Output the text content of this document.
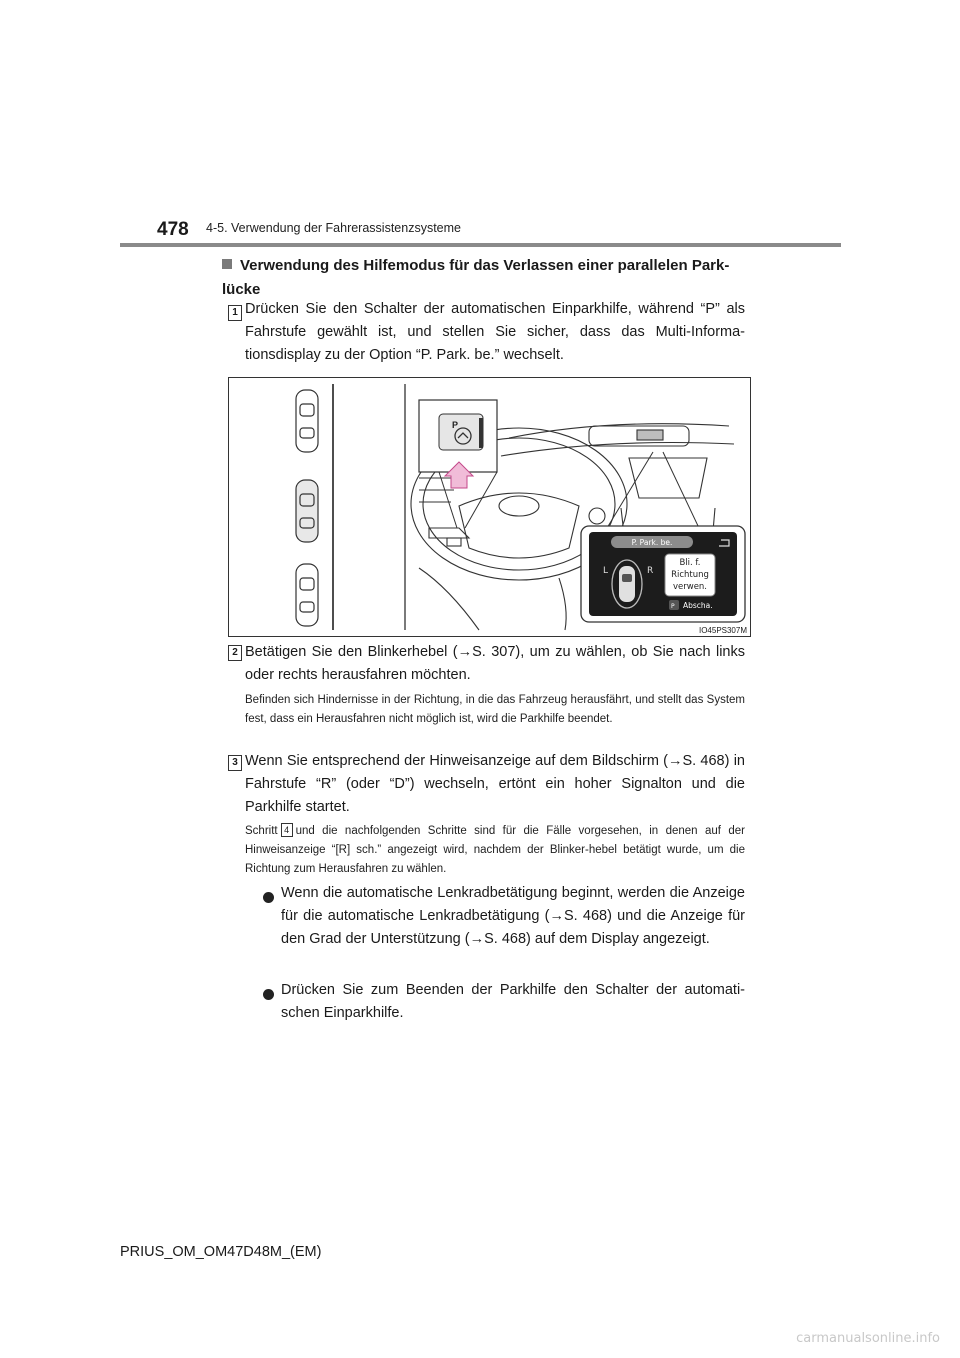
478 4-5. Verwendung der Fahrerassistenzsysteme
Verwendung des Hilfemodus für das Verlassen einer parallelen Park-lücke
1 Drücken Sie den Schalter der automatischen Einparkhilfe, während “P” als Fahrstufe gewählt ist, und stellen Sie sicher, dass das Multi-Informa-tionsdisplay zu der Option “P. Park. be.” wechselt.
P
P. Park. be.
L	R
Bli. f.
Richtung
verwen.
P Abscha.
IO45PS307M
2 Betätigen Sie den Blinkerhebel (→S. 307), um zu wählen, ob Sie nach links oder rechts herausfahren möchten.
Befinden sich Hindernisse in der Richtung, in die das Fahrzeug herausfährt, und stellt das System fest, dass ein Herausfahren nicht möglich ist, wird die Parkhilfe beendet.
3 Wenn Sie entsprechend der Hinweisanzeige auf dem Bildschirm (→S. 468) in Fahrstufe “R” (oder “D”) wechseln, ertönt ein hoher Signalton und die Parkhilfe startet.
Schritt 4 und die nachfolgenden Schritte sind für die Fälle vorgesehen, in denen auf der Hinweisanzeige “[R] sch.” angezeigt wird, nachdem der Blinker-hebel betätigt wurde, um die Richtung zum Herausfahren zu wählen.
Wenn die automatische Lenkradbetätigung beginnt, werden die Anzeige für die automatische Lenkradbetätigung (→S. 468) und die Anzeige für den Grad der Unterstützung (→S. 468) auf dem Display angezeigt.
Drücken Sie zum Beenden der Parkhilfe den Schalter der automati-schen Einparkhilfe.
PRIUS_OM_OM47D48M_(EM)
carmanualsonline.info
